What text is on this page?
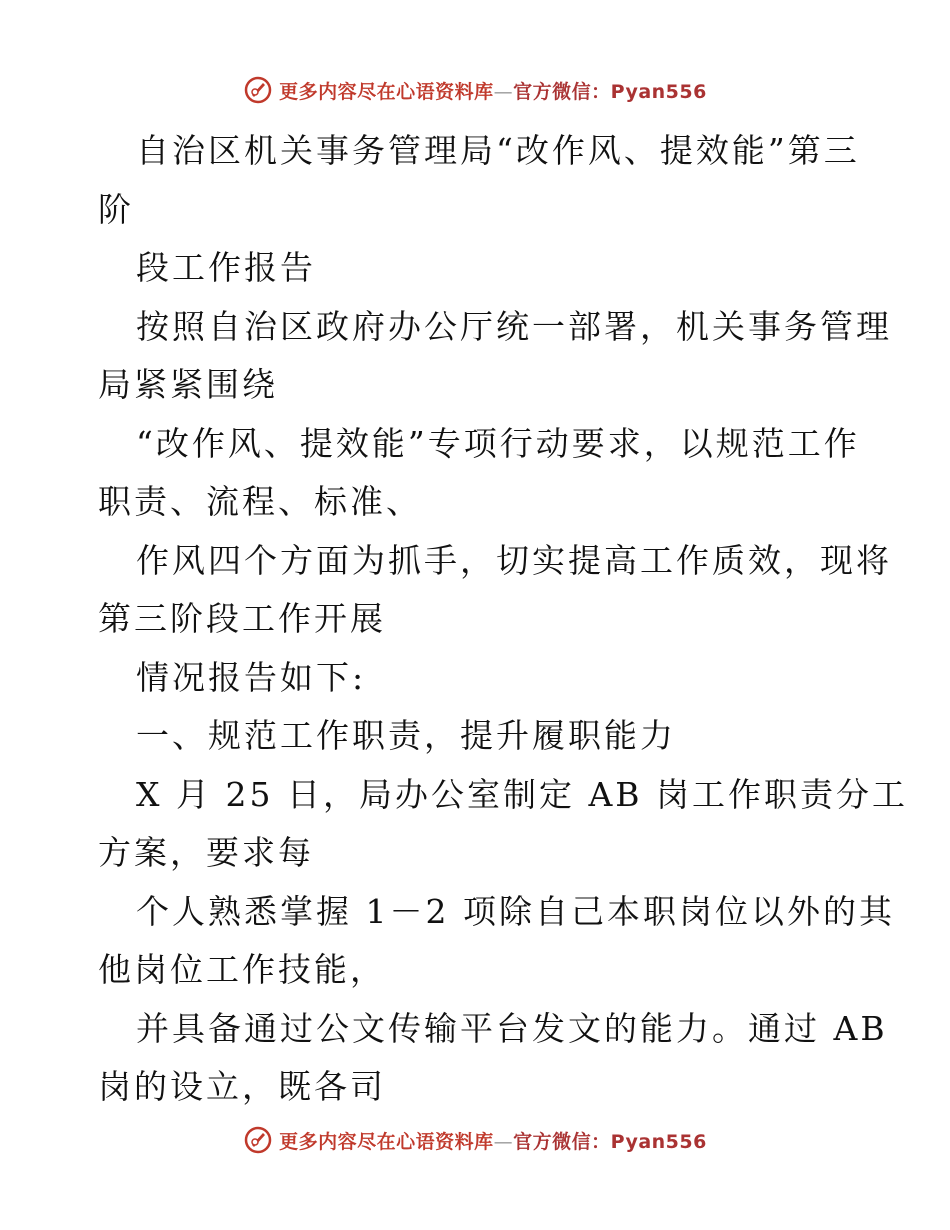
更多内容尽在心语资料库—官方微信：Pyan556
自治区机关事务管理局“改作风、提效能”第三
阶
段工作报告
按照自治区政府办公厅统一部署，机关事务管理
局紧紧围绕
“改作风、提效能”专项行动要求，以规范工作
职责、流程、标准、
作风四个方面为抓手，切实提高工作质效，现将
第三阶段工作开展
情况报告如下:
一、规范工作职责，提升履职能力
X 月 25 日，局办公室制定 AB 岗工作职责分工
方案，要求每
个人熟悉掌握 1－2 项除自己本职岗位以外的其
他岗位工作技能，
并具备通过公文传输平台发文的能力。通过 AB
岗的设立，既各司
更多内容尽在心语资料库—官方微信：Pyan556
